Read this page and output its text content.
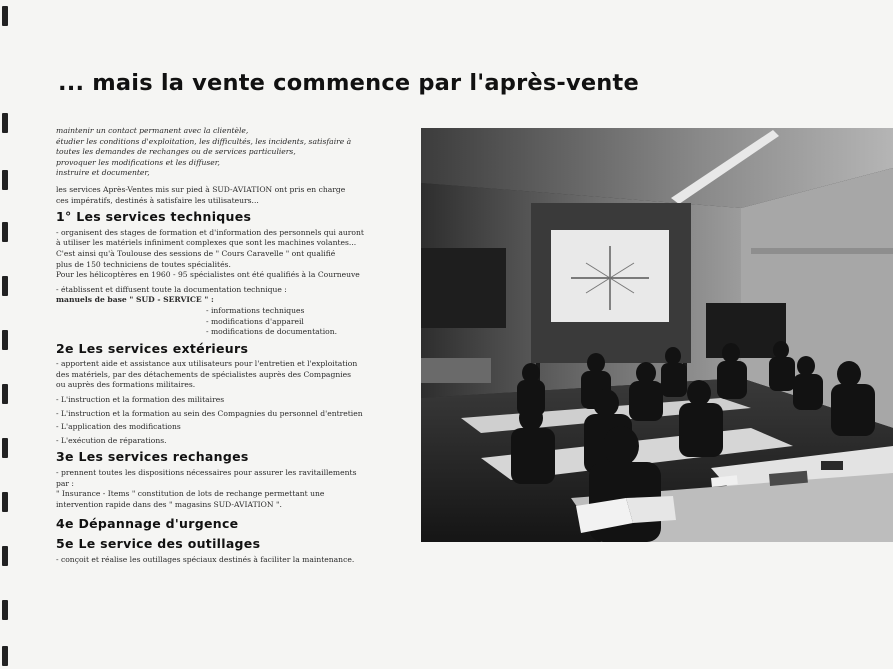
... mais la vente commence par l'après-vente
maintenir un contact permanent avec la clientèle,
étudier les conditions d'exploitation, les difficultés, les incidents, satisfaire à
toutes les demandes de rechanges ou de services particuliers,
provoquer les modifications et les diffuser,
instruire et documenter,
les services Après-Ventes mis sur pied à SUD-AVIATION ont pris en charge
ces impératifs, destinés à satisfaire les utilisateurs...
1° Les services techniques
- organisent des stages de formation et d'information des personnels qui auront
à utiliser les matériels infiniment complexes que sont les machines volantes...
C'est ainsi qu'à Toulouse des sessions de " Cours Caravelle " ont qualifié
plus de 150 techniciens de toutes spécialités.
Pour les hélicoptères en 1960 - 95 spécialistes ont été qualifiés à la Courneuve
- établissent et diffusent toute la documentation technique :
manuels de base " SUD - SERVICE " :
- informations techniques
- modifications d'appareil
- modifications de documentation.
2e Les services extérieurs
- apportent aide et assistance aux utilisateurs pour l'entretien et l'exploitation
des matériels, par des détachements de spécialistes auprès des Compagnies
ou auprès des formations militaires.
- L'instruction et la formation des militaires
- L'instruction et la formation au sein des Compagnies du personnel d'entretien
- L'application des modifications
- L'exécution de réparations.
3e Les services rechanges
- prennent toutes les dispositions nécessaires pour assurer les ravitaillements
par :
" Insurance - Items " constitution de lots de rechange permettant une
intervention rapide dans des " magasins SUD-AVIATION ".
4e Dépannage d'urgence
5e Le service des outillages
- conçoit et réalise les outillages spéciaux destinés à faciliter la maintenance.
